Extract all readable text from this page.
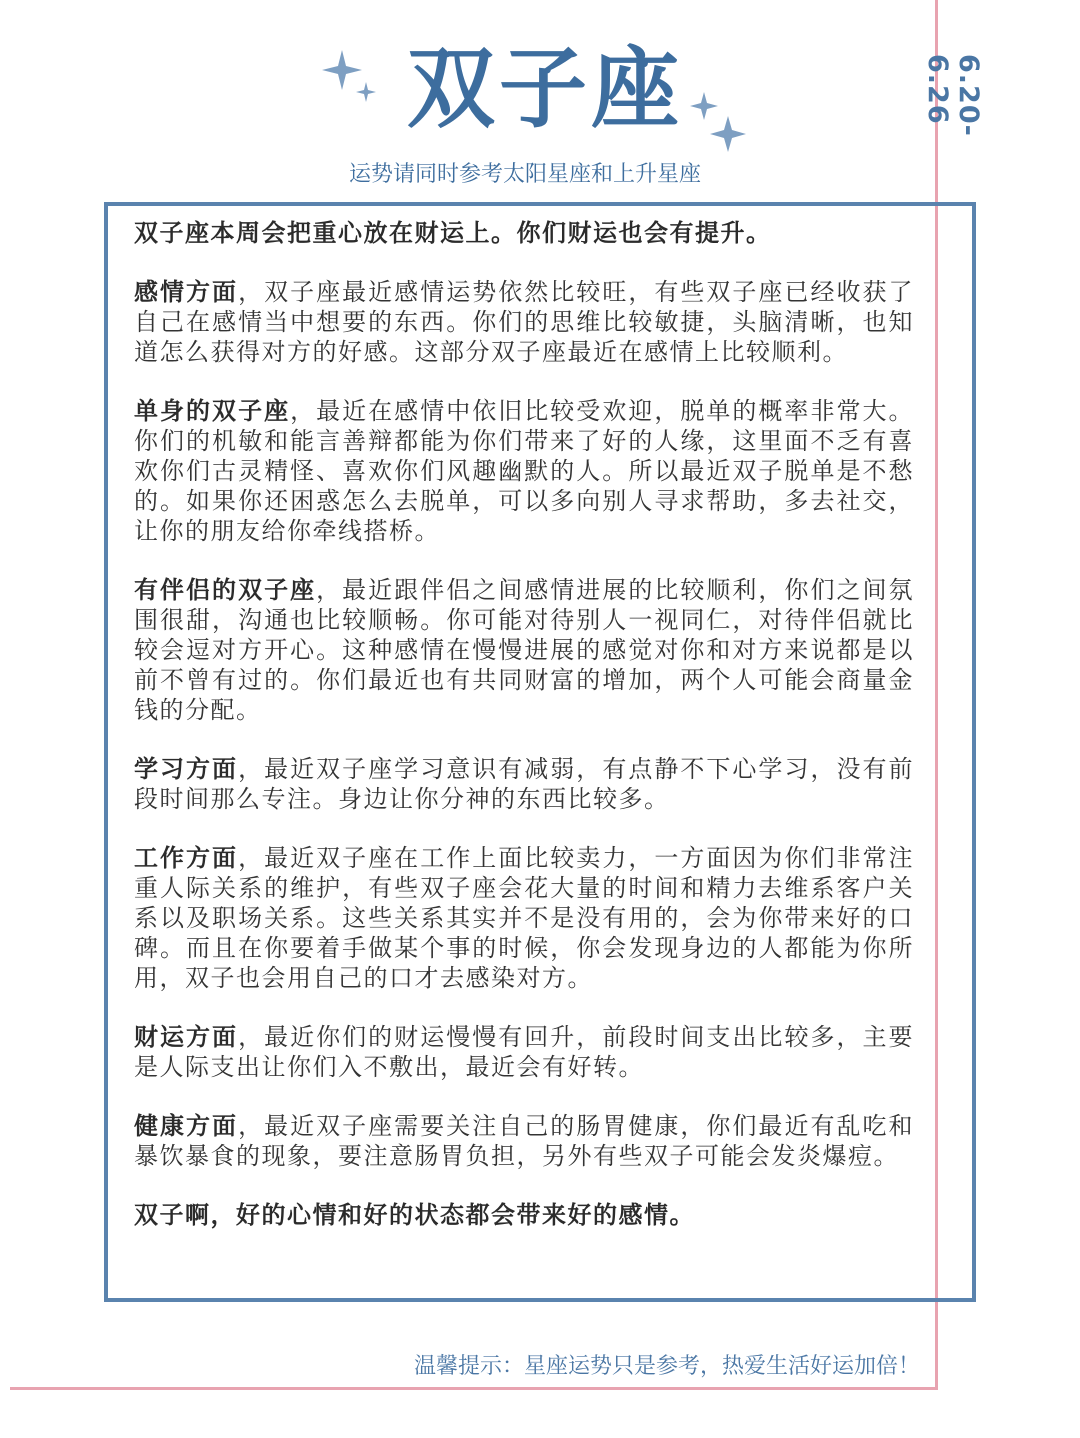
6.20-6.26
双子座
运势请同时参考太阳星座和上升星座

双子座本周会把重心放在财运上。你们财运也会有提升。

感情方面，双子座最近感情运势依然比较旺，有些双子座已经收获了自己在感情当中想要的东西。你们的思维比较敏捷，头脑清晰，也知道怎么获得对方的好感。这部分双子座最近在感情上比较顺利。

单身的双子座，最近在感情中依旧比较受欢迎，脱单的概率非常大。你们的机敏和能言善辩都能为你们带来了好的人缘，这里面不乏有喜欢你们古灵精怪、喜欢你们风趣幽默的人。所以最近双子脱单是不愁的。如果你还困惑怎么去脱单，可以多向别人寻求帮助，多去社交，让你的朋友给你牵线搭桥。

有伴侣的双子座，最近跟伴侣之间感情进展的比较顺利，你们之间氛围很甜，沟通也比较顺畅。你可能对待别人一视同仁，对待伴侣就比较会逗对方开心。这种感情在慢慢进展的感觉对你和对方来说都是以前不曾有过的。你们最近也有共同财富的增加，两个人可能会商量金钱的分配。

学习方面，最近双子座学习意识有减弱，有点静不下心学习，没有前段时间那么专注。身边让你分神的东西比较多。

工作方面，最近双子座在工作上面比较卖力，一方面因为你们非常注重人际关系的维护，有些双子座会花大量的时间和精力去维系客户关系以及职场关系。这些关系其实并不是没有用的，会为你带来好的口碑。而且在你要着手做某个事的时候，你会发现身边的人都能为你所用，双子也会用自己的口才去感染对方。

财运方面，最近你们的财运慢慢有回升，前段时间支出比较多，主要是人际支出让你们入不敷出，最近会有好转。

健康方面，最近双子座需要关注自己的肠胃健康，你们最近有乱吃和暴饮暴食的现象，要注意肠胃负担，另外有些双子可能会发炎爆痘。

双子啊，好的心情和好的状态都会带来好的感情。

温馨提示：星座运势只是参考，热爱生活好运加倍！
